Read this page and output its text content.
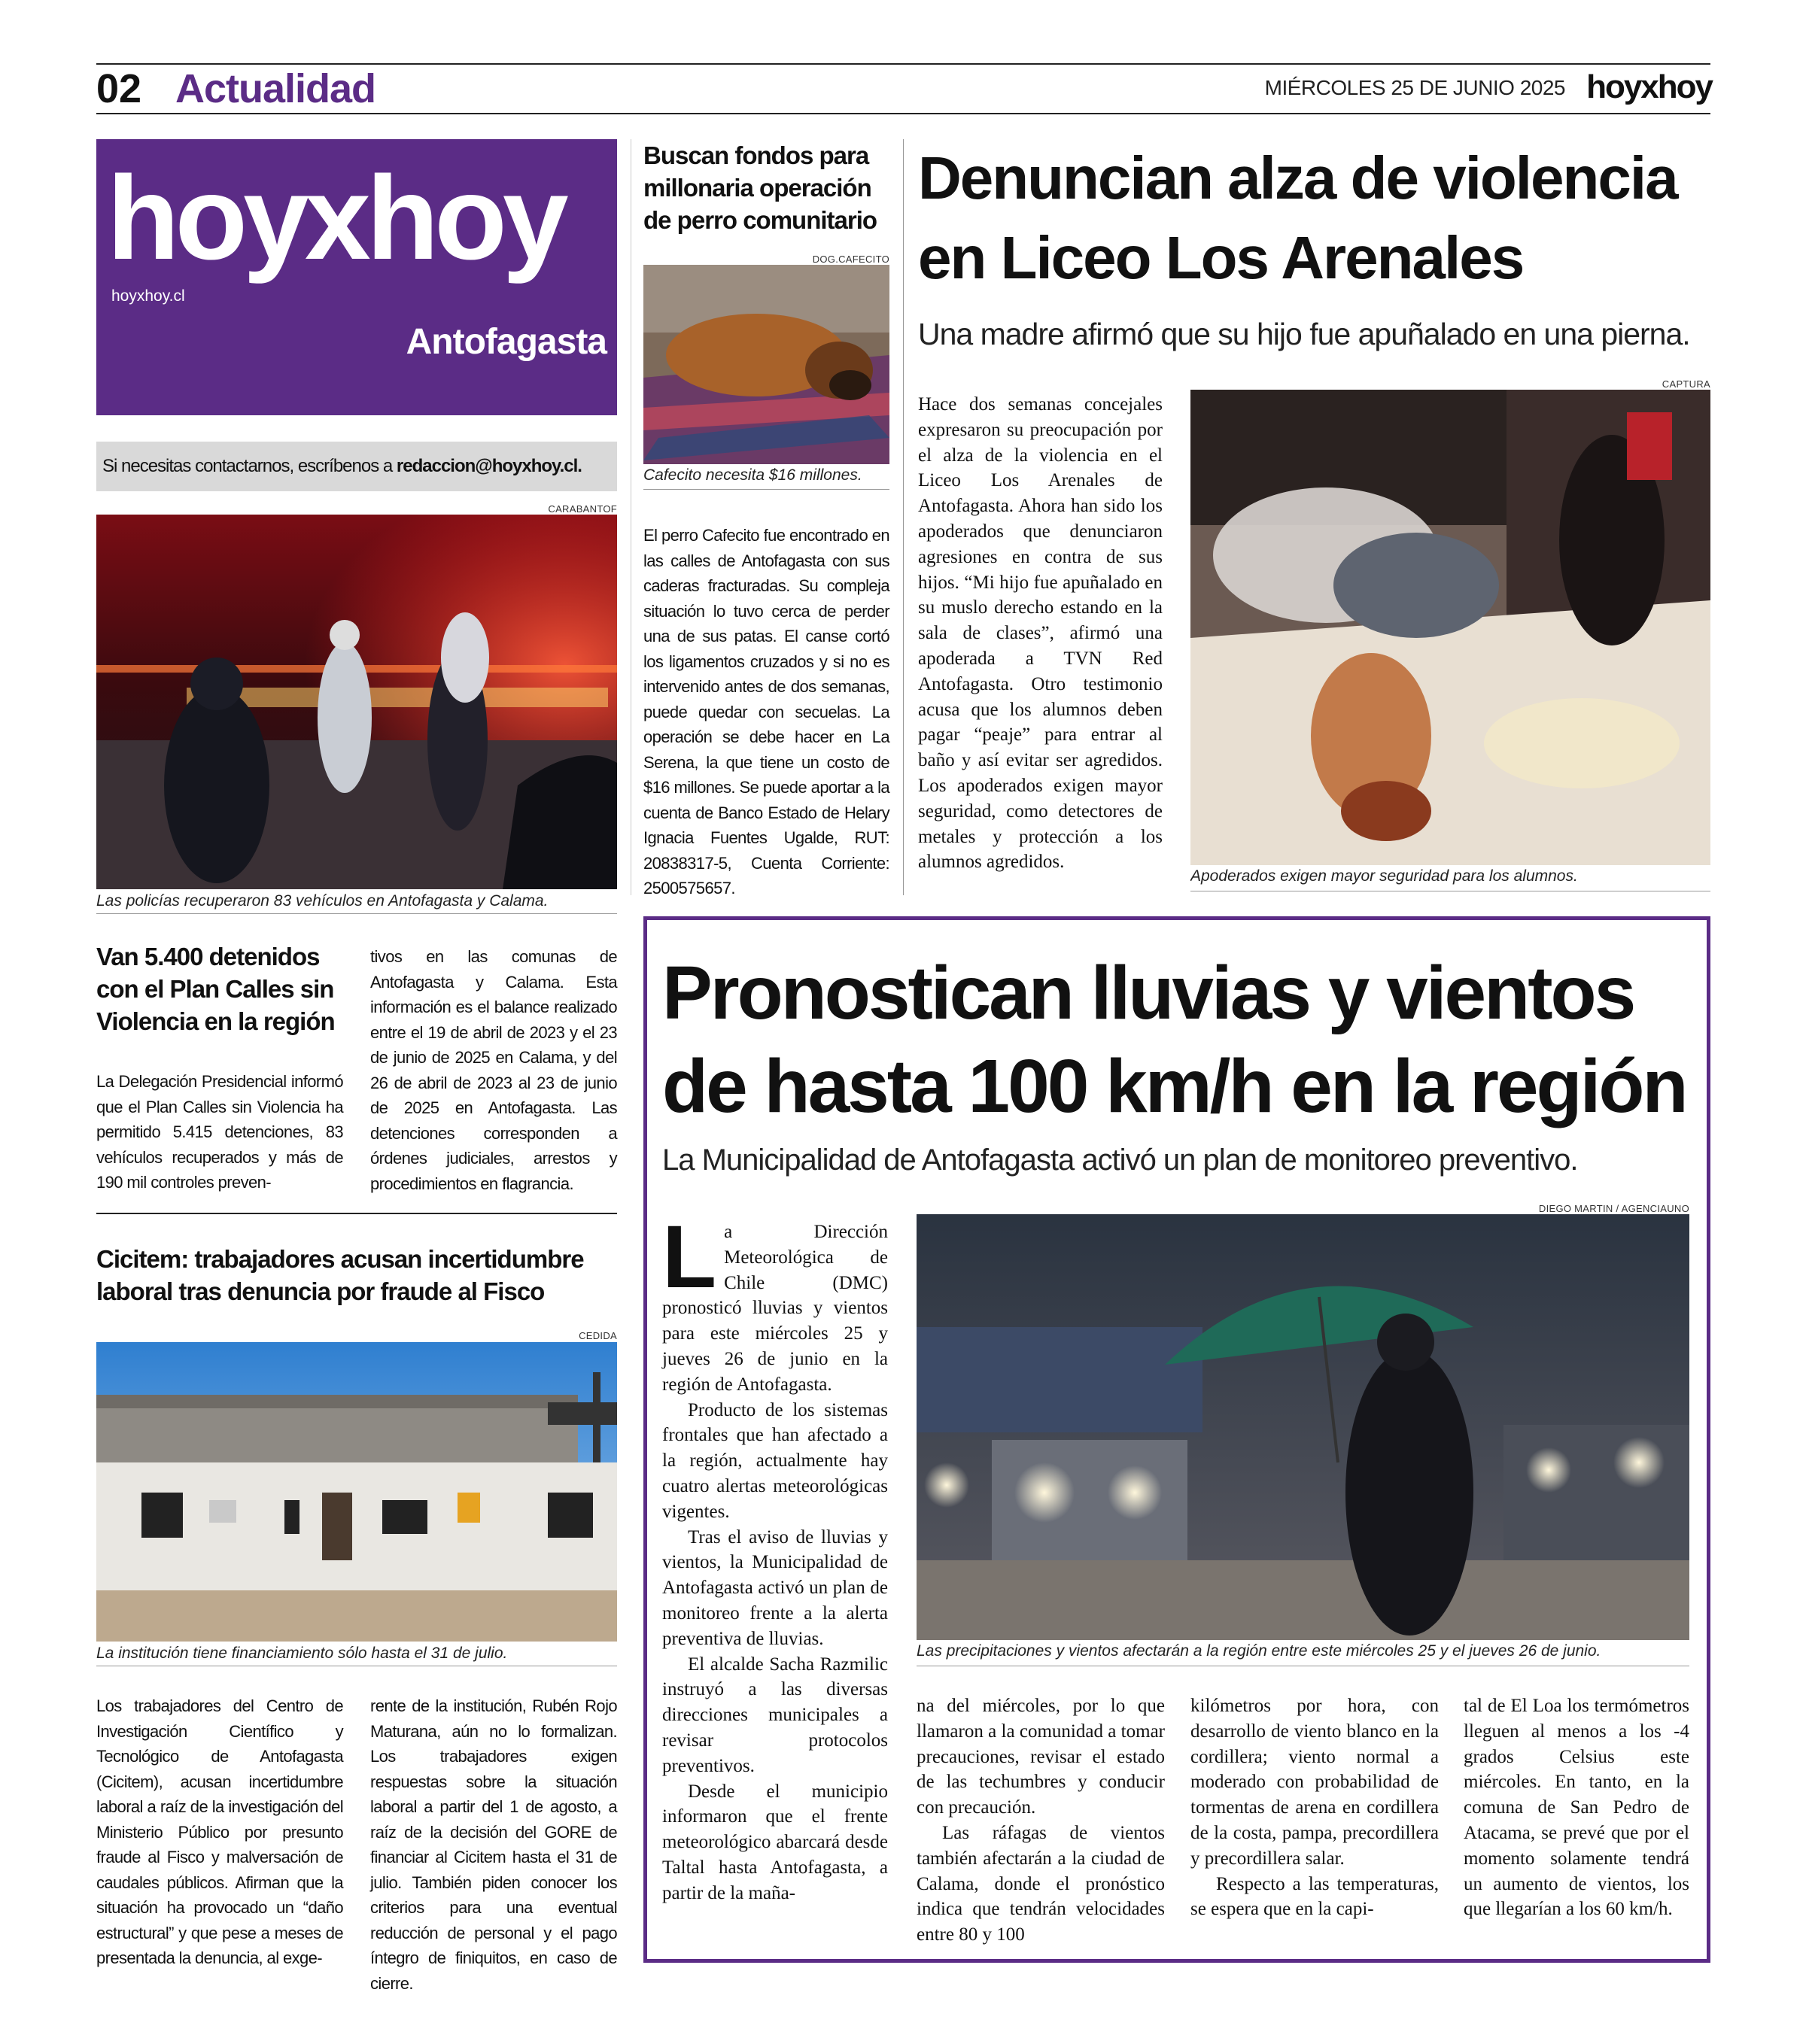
02 Actualidad	MIÉRCOLES 25 DE JUNIO 2025 hoyxhoy
hoyxhoy
hoyxhoy.cl
Antofagasta
Si necesitas contactarnos, escríbenos a redaccion@hoyxhoy.cl.
CARABANTOF
Las policías recuperaron 83 vehículos en Antofagasta y Calama.
Van 5.400 detenidos con el Plan Calles sin Violencia en la región
La Delegación Presidencial informó que el Plan Calles sin Violencia ha permitido 5.415 detenciones, 83 vehículos recuperados y más de 190 mil controles preven-
tivos en las comunas de Antofagasta y Calama. Esta información es el balance realizado entre el 19 de abril de 2023 y el 23 de junio de 2025 en Calama, y del 26 de abril de 2023 al 23 de junio de 2025 en Antofagasta. Las detenciones corresponden a órdenes judiciales, arrestos y procedimientos en flagrancia.
Cicitem: trabajadores acusan incertidumbre laboral tras denuncia por fraude al Fisco
CEDIDA
La institución tiene financiamiento sólo hasta el 31 de julio.
Los trabajadores del Centro de Investigación Científico y Tecnológico de Antofagasta (Cicitem), acusan incertidumbre laboral a raíz de la investigación del Ministerio Público por presunto fraude al Fisco y malversación de caudales públicos. Afirman que la situación ha provocado un “daño estructural” y que pese a meses de presentada la denuncia, al exge-
rente de la institución, Rubén Rojo Maturana, aún no lo formalizan. Los trabajadores exigen respuestas sobre la situación laboral a partir del 1 de agosto, a raíz de la decisión del GORE de financiar al Cicitem hasta el 31 de julio. También piden conocer los criterios para una eventual reducción de personal y el pago íntegro de finiquitos, en caso de cierre.
Buscan fondos para millonaria operación de perro comunitario
DOG.CAFECITO
Cafecito necesita $16 millones.
El perro Cafecito fue encontrado en las calles de Antofagasta con sus caderas fracturadas. Su compleja situación lo tuvo cerca de perder una de sus patas. El canse cortó los ligamentos cruzados y si no es intervenido antes de dos semanas, puede quedar con secuelas. La operación se debe hacer en La Serena, la que tiene un costo de $16 millones. Se puede aportar a la cuenta de Banco Estado de Helary Ignacia Fuentes Ugalde, RUT: 20838317-5, Cuenta Corriente: 2500575657.
Denuncian alza de violencia en Liceo Los Arenales
Una madre afirmó que su hijo fue apuñalado en una pierna.
Hace dos semanas concejales expresaron su preocupación por el alza de la violencia en el Liceo Los Arenales de Antofagasta. Ahora han sido los apoderados que denunciaron agresiones en contra de sus hijos. “Mi hijo fue apuñalado en su muslo derecho estando en la sala de clases”, afirmó una apoderada a TVN Red Antofagasta. Otro testimonio acusa que los alumnos deben pagar “peaje” para entrar al baño y así evitar ser agredidos. Los apoderados exigen mayor seguridad, como detectores de metales y protección a los alumnos agredidos.
CAPTURA
Apoderados exigen mayor seguridad para los alumnos.
Pronostican lluvias y vientos de hasta 100 km/h en la región
La Municipalidad de Antofagasta activó un plan de monitoreo preventivo.
L a Dirección Meteorológica de Chile (DMC) pronosticó lluvias y vientos para este miércoles 25 y jueves 26 de junio en la región de Antofagasta.

Producto de los sistemas frontales que han afectado a la región, actualmente hay cuatro alertas meteorológicas vigentes.

Tras el aviso de lluvias y vientos, la Municipalidad de Antofagasta activó un plan de monitoreo frente a la alerta preventiva de lluvias.

El alcalde Sacha Razmilic instruyó a las diversas direcciones municipales a revisar protocolos preventivos.

Desde el municipio informaron que el frente meteorológico abarcará desde Taltal hasta Antofagasta, a partir de la maña-

DIEGO MARTIN / AGENCIAUNO
Las precipitaciones y vientos afectarán a la región entre este miércoles 25 y el jueves 26 de junio.

na del miércoles, por lo que llamaron a la comunidad a tomar precauciones, revisar el estado de las techumbres y conducir con precaución.

Las ráfagas de vientos también afectarán a la ciudad de Calama, donde el pronóstico indica que tendrán velocidades entre 80 y 100

kilómetros por hora, con desarrollo de viento blanco en la cordillera; viento normal a moderado con probabilidad de tormentas de arena en cordillera de la costa, pampa, precordillera y precordillera salar.

Respecto a las temperaturas, se espera que en la capi-

tal de El Loa los termómetros lleguen al menos a los -4 grados Celsius este miércoles. En tanto, en la comuna de San Pedro de Atacama, se prevé que por el momento solamente tendrá un aumento de vientos, los que llegarían a los 60 km/h.
